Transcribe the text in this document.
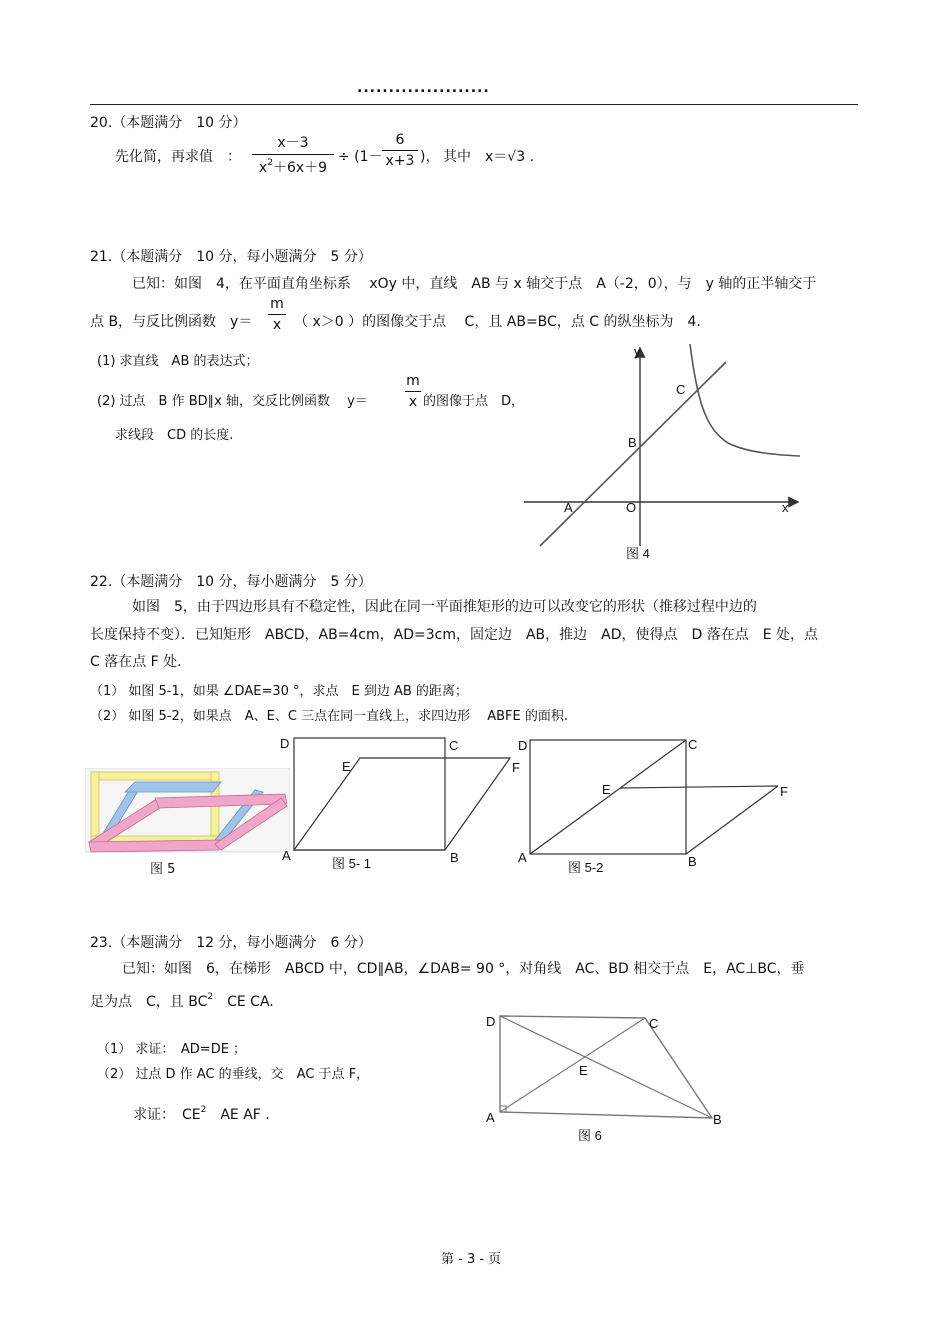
.....................
20.（本题满分　10 分）
先化简，再求值　：
x－3
$x^2+6x+9$
÷ (1－
6
x+3 )， 其中　x＝√3 .
21.（本题满分　10 分，每小题满分　5 分）
已知：如图　4，在平面直角坐标系　 xOy 中，直线　AB 与 x 轴交于点　A（-2，0），与　y 轴的正半轴交于
点 B，与反比例函数　y＝
m
x （ x＞0 ）的图像交于点　 C，且 AB=BC，点 C 的纵坐标为　4.
(1) 求直线　AB 的表达式；
(2) 过点　B 作 BD∥x 轴，交反比例函数　 y＝
m
x 的图像于点　D，
求线段　CD 的长度.
y
x
C
B
A	O
图 4
22.（本题满分　10 分，每小题满分　5 分）
如图　5，由于四边形具有不稳定性，因此在同一平面推矩形的边可以改变它的形状（推移过程中边的
长度保持不变）．已知矩形　ABCD，AB=4cm，AD=3cm，固定边　AB，推边　AD，使得点　D 落在点　E 处，点
C 落在点 F 处.
（1） 如图 5-1，如果 ∠DAE=30 °，求点　E 到边 AB 的距离；
（2） 如图 5-2，如果点　A、E、C 三点在同一直线上，求四边形　 ABFE 的面积.
图 5
D	C
E	F
A	B
图 5- 1
D	C
E	F
A	B
图 5-2
23.（本题满分　12 分，每小题满分　6 分）
已知：如图　6，在梯形　ABCD 中，CD∥AB，∠DAB= 90 °，对角线　AC、BD 相交于点　E，AC⊥BC，垂
足为点　C，且 $BC^2$　CE CA.
（1） 求证：　AD=DE ；
（2） 过点 D 作 AC 的垂线，交　AC 于点 F，
求证：　$CE^2$　AE AF .
D	C
E
A	B
图 6
第 - 3 - 页
